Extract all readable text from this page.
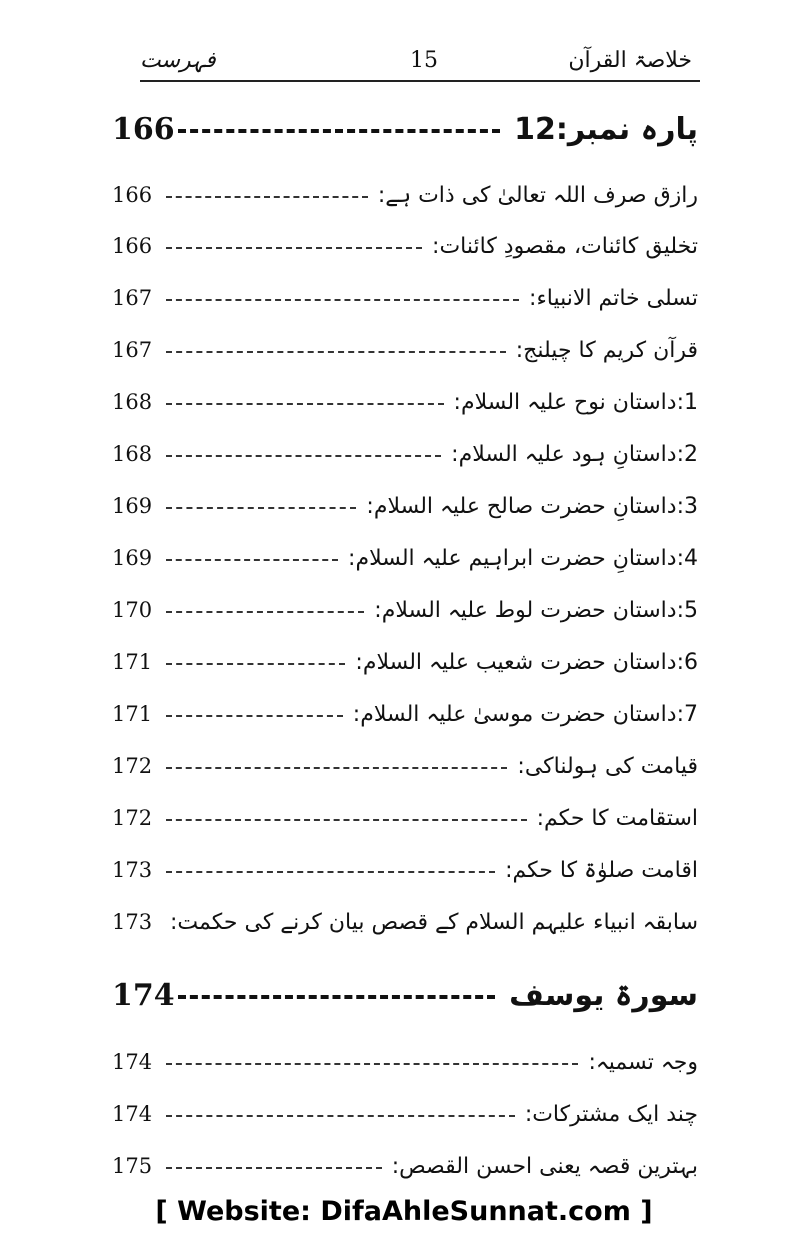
خلاصۃ القرآن
15
فہرست
166	پارہ نمبر:12
166	رازق صرف اللہ تعالیٰ کی ذات ہے:
166	تخلیق کائنات، مقصودِ کائنات:
167	تسلی خاتم الانبیاء:
167	قرآن کریم کا چیلنج:
168	1:داستان نوح علیہ السلام:
168	2:داستانِ ہود علیہ السلام:
169	3:داستانِ حضرت صالح علیہ السلام:
169	4:داستانِ حضرت ابراہیم علیہ السلام:
170	5:داستان حضرت لوط علیہ السلام:
171	6:داستان حضرت شعیب علیہ السلام:
171	7:داستان حضرت موسیٰ علیہ السلام:
172	قیامت کی ہولناکی:
172	استقامت کا حکم:
173	اقامت صلوٰۃ کا حکم:
173 سابقہ انبیاء علیہم السلام کے قصص بیان کرنے کی حکمت:
174	سورۃ یوسف
174	وجہ تسمیہ:
174	چند ایک مشترکات:
175	بہترین قصہ یعنی احسن القصص:
[ Website: DifaAhleSunnat.com ]
